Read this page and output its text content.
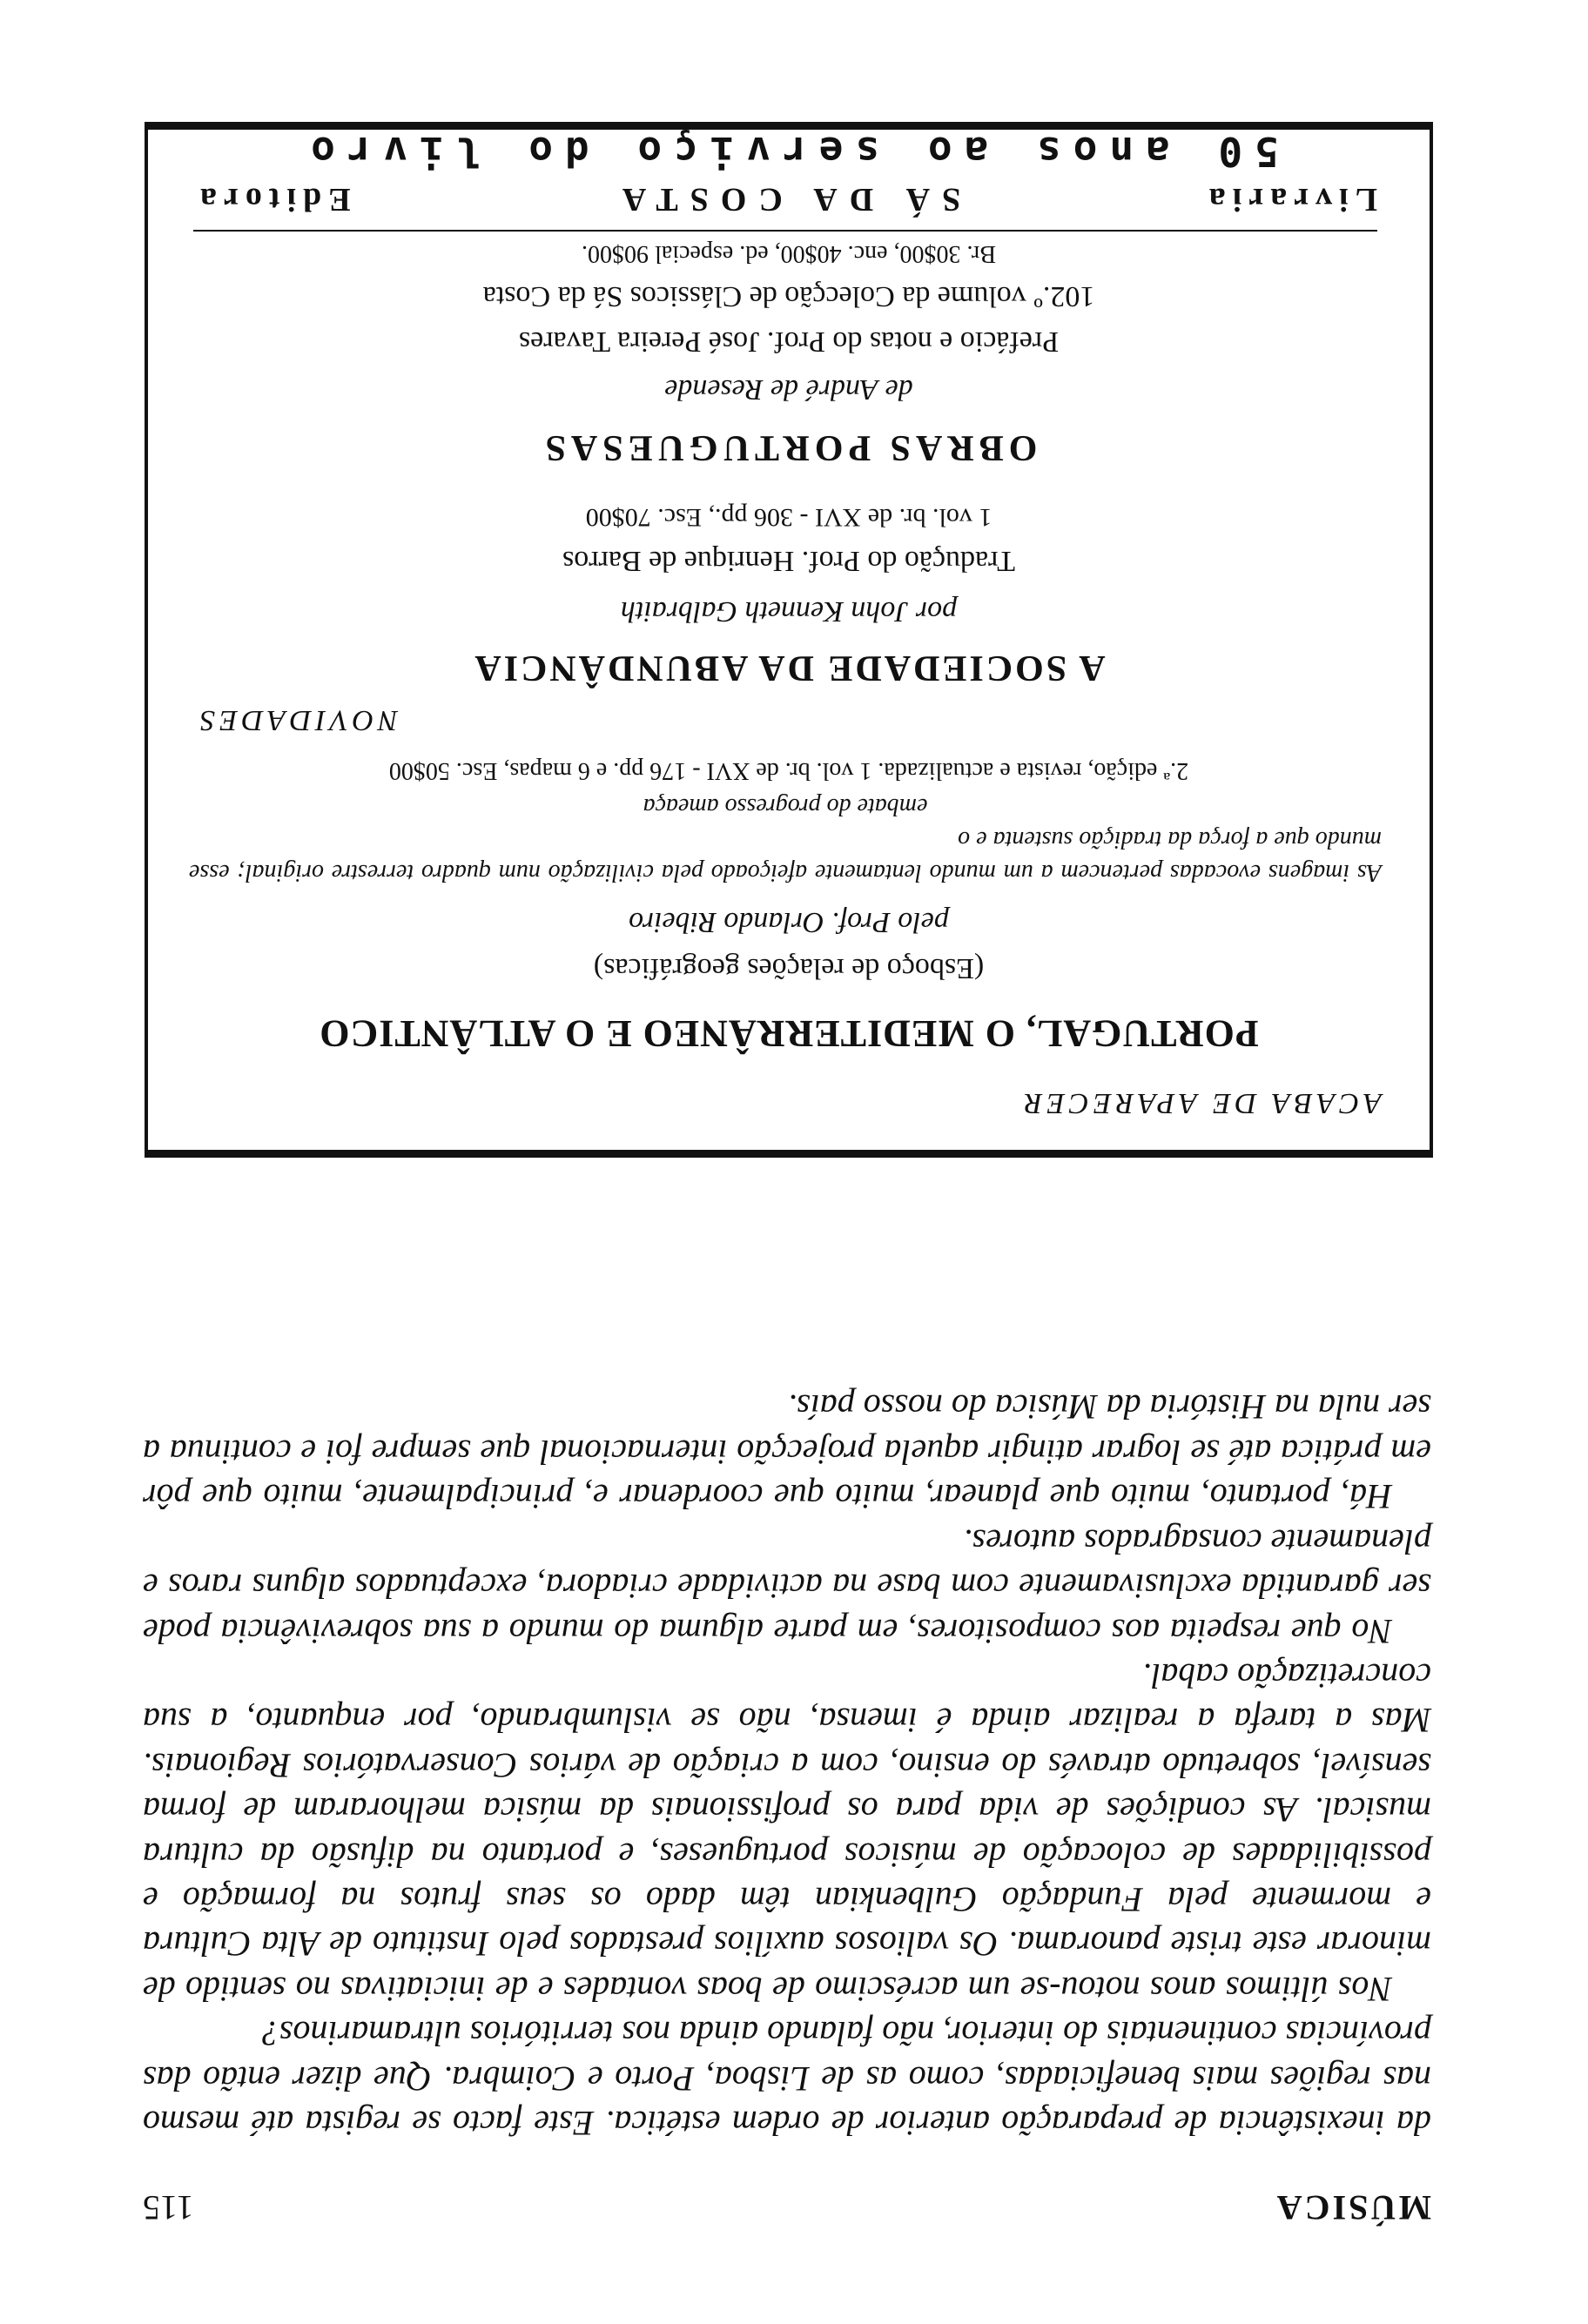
MÚSICA
115

da inexistência de preparação anterior de ordem estética. Este facto se regista até mesmo nas regiões mais beneficiadas, como as de Lisboa, Porto e Coimbra. Que dizer então das províncias continentais do interior, não falando ainda nos territórios ultramarinos?

Nos últimos anos notou-se um acréscimo de boas vontades e de iniciativas no sentido de minorar este triste panorama. Os valiosos auxílios prestados pelo Instituto de Alta Cultura e mormente pela Fundação Gulbenkian têm dado os seus frutos na formação e possibilidades de colocação de músicos portugueses, e portanto na difusão da cultura musical. As condições de vida para os profissionais da música melhoraram de forma sensível, sobretudo através do ensino, com a criação de vários Conservatórios Regionais. Mas a tarefa a realizar ainda é imensa, não se vislumbrando, por enquanto, a sua concretização cabal.

No que respeita aos compositores, em parte alguma do mundo a sua sobrevivência pode ser garantida exclusivamente com base na actividade criadora, exceptuados alguns raros e plenamente consagrados autores.

Há, portanto, muito que planear, muito que coordenar e, principalmente, muito que pôr em prática até se lograr atingir aquela projecção internacional que sempre foi e continua a ser nula na História da Música do nosso país.

ACABA DE APARECER
PORTUGAL, O MEDITERRÂNEO E O ATLÂNTICO
(Esboço de relações geográficas)
pelo Prof. Orlando Ribeiro
As imagens evocadas pertencem a um mundo lentamente afeiçoado pela civilização num quadro terrestre original; esse mundo que a força da tradição sustenta e o
embate do progresso ameaça
2.ª edição, revista e actualizada. 1 vol. br. de XVI - 176 pp. e 6 mapas, Esc. 50$00
NOVIDADES
A SOCIEDADE DA ABUNDÂNCIA
por John Kenneth Galbraith
Tradução do Prof. Henrique de Barros
1 vol. br. de XVI - 306 pp., Esc. 70$00
OBRAS PORTUGUESAS
de André de Resende
Prefácio e notas do Prof. José Pereira Tavares
102.º volume da Colecção de Clássicos Sá da Costa
Br. 30$00, enc. 40$00, ed. especial 90$00.
Livraria
SÁ DA COSTA
Editora
50 anos ao serviço do livro
